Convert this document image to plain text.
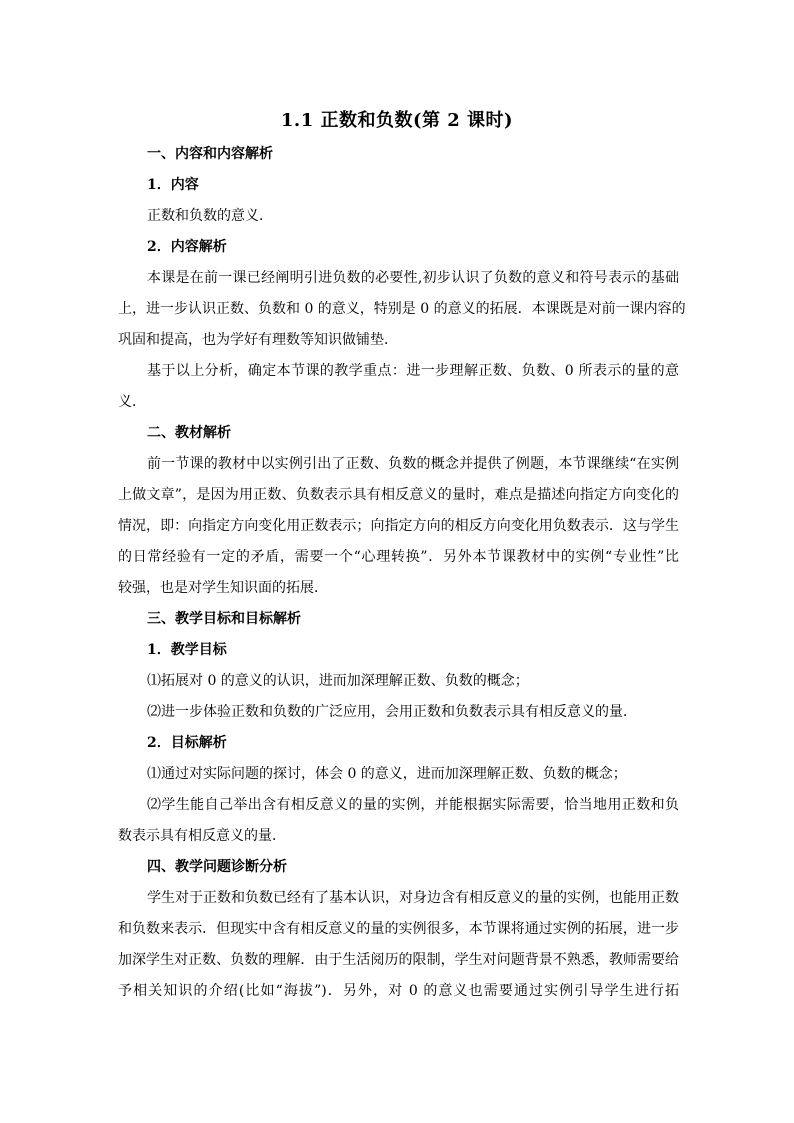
1.1 正数和负数(第 2 课时)
一、内容和内容解析
1．内容
正数和负数的意义．
2．内容解析
本课是在前一课已经阐明引进负数的必要性,初步认识了负数的意义和符号表示的基础
上，进一步认识正数、负数和 0 的意义，特别是 0 的意义的拓展．本课既是对前一课内容的
巩固和提高，也为学好有理数等知识做铺垫．
基于以上分析，确定本节课的教学重点：进一步理解正数、负数、0 所表示的量的意
义．
二、教材解析
前一节课的教材中以实例引出了正数、负数的概念并提供了例题，本节课继续“在实例
上做文章”，是因为用正数、负数表示具有相反意义的量时，难点是描述向指定方向变化的
情况，即：向指定方向变化用正数表示；向指定方向的相反方向变化用负数表示．这与学生
的日常经验有一定的矛盾，需要一个“心理转换”．另外本节课教材中的实例“专业性”比
较强，也是对学生知识面的拓展．
三、教学目标和目标解析
1．教学目标
⑴拓展对 0 的意义的认识，进而加深理解正数、负数的概念；
⑵进一步体验正数和负数的广泛应用，会用正数和负数表示具有相反意义的量．
2．目标解析
⑴通过对实际问题的探讨，体会 0 的意义，进而加深理解正数、负数的概念；
⑵学生能自己举出含有相反意义的量的实例，并能根据实际需要，恰当地用正数和负
数表示具有相反意义的量．
四、教学问题诊断分析
学生对于正数和负数已经有了基本认识，对身边含有相反意义的量的实例，也能用正数
和负数来表示．但现实中含有相反意义的量的实例很多，本节课将通过实例的拓展，进一步
加深学生对正数、负数的理解．由于生活阅历的限制，学生对问题背景不熟悉，教师需要给
予相关知识的介绍(比如“海拔”)．另外，对 0 的意义也需要通过实例引导学生进行拓
